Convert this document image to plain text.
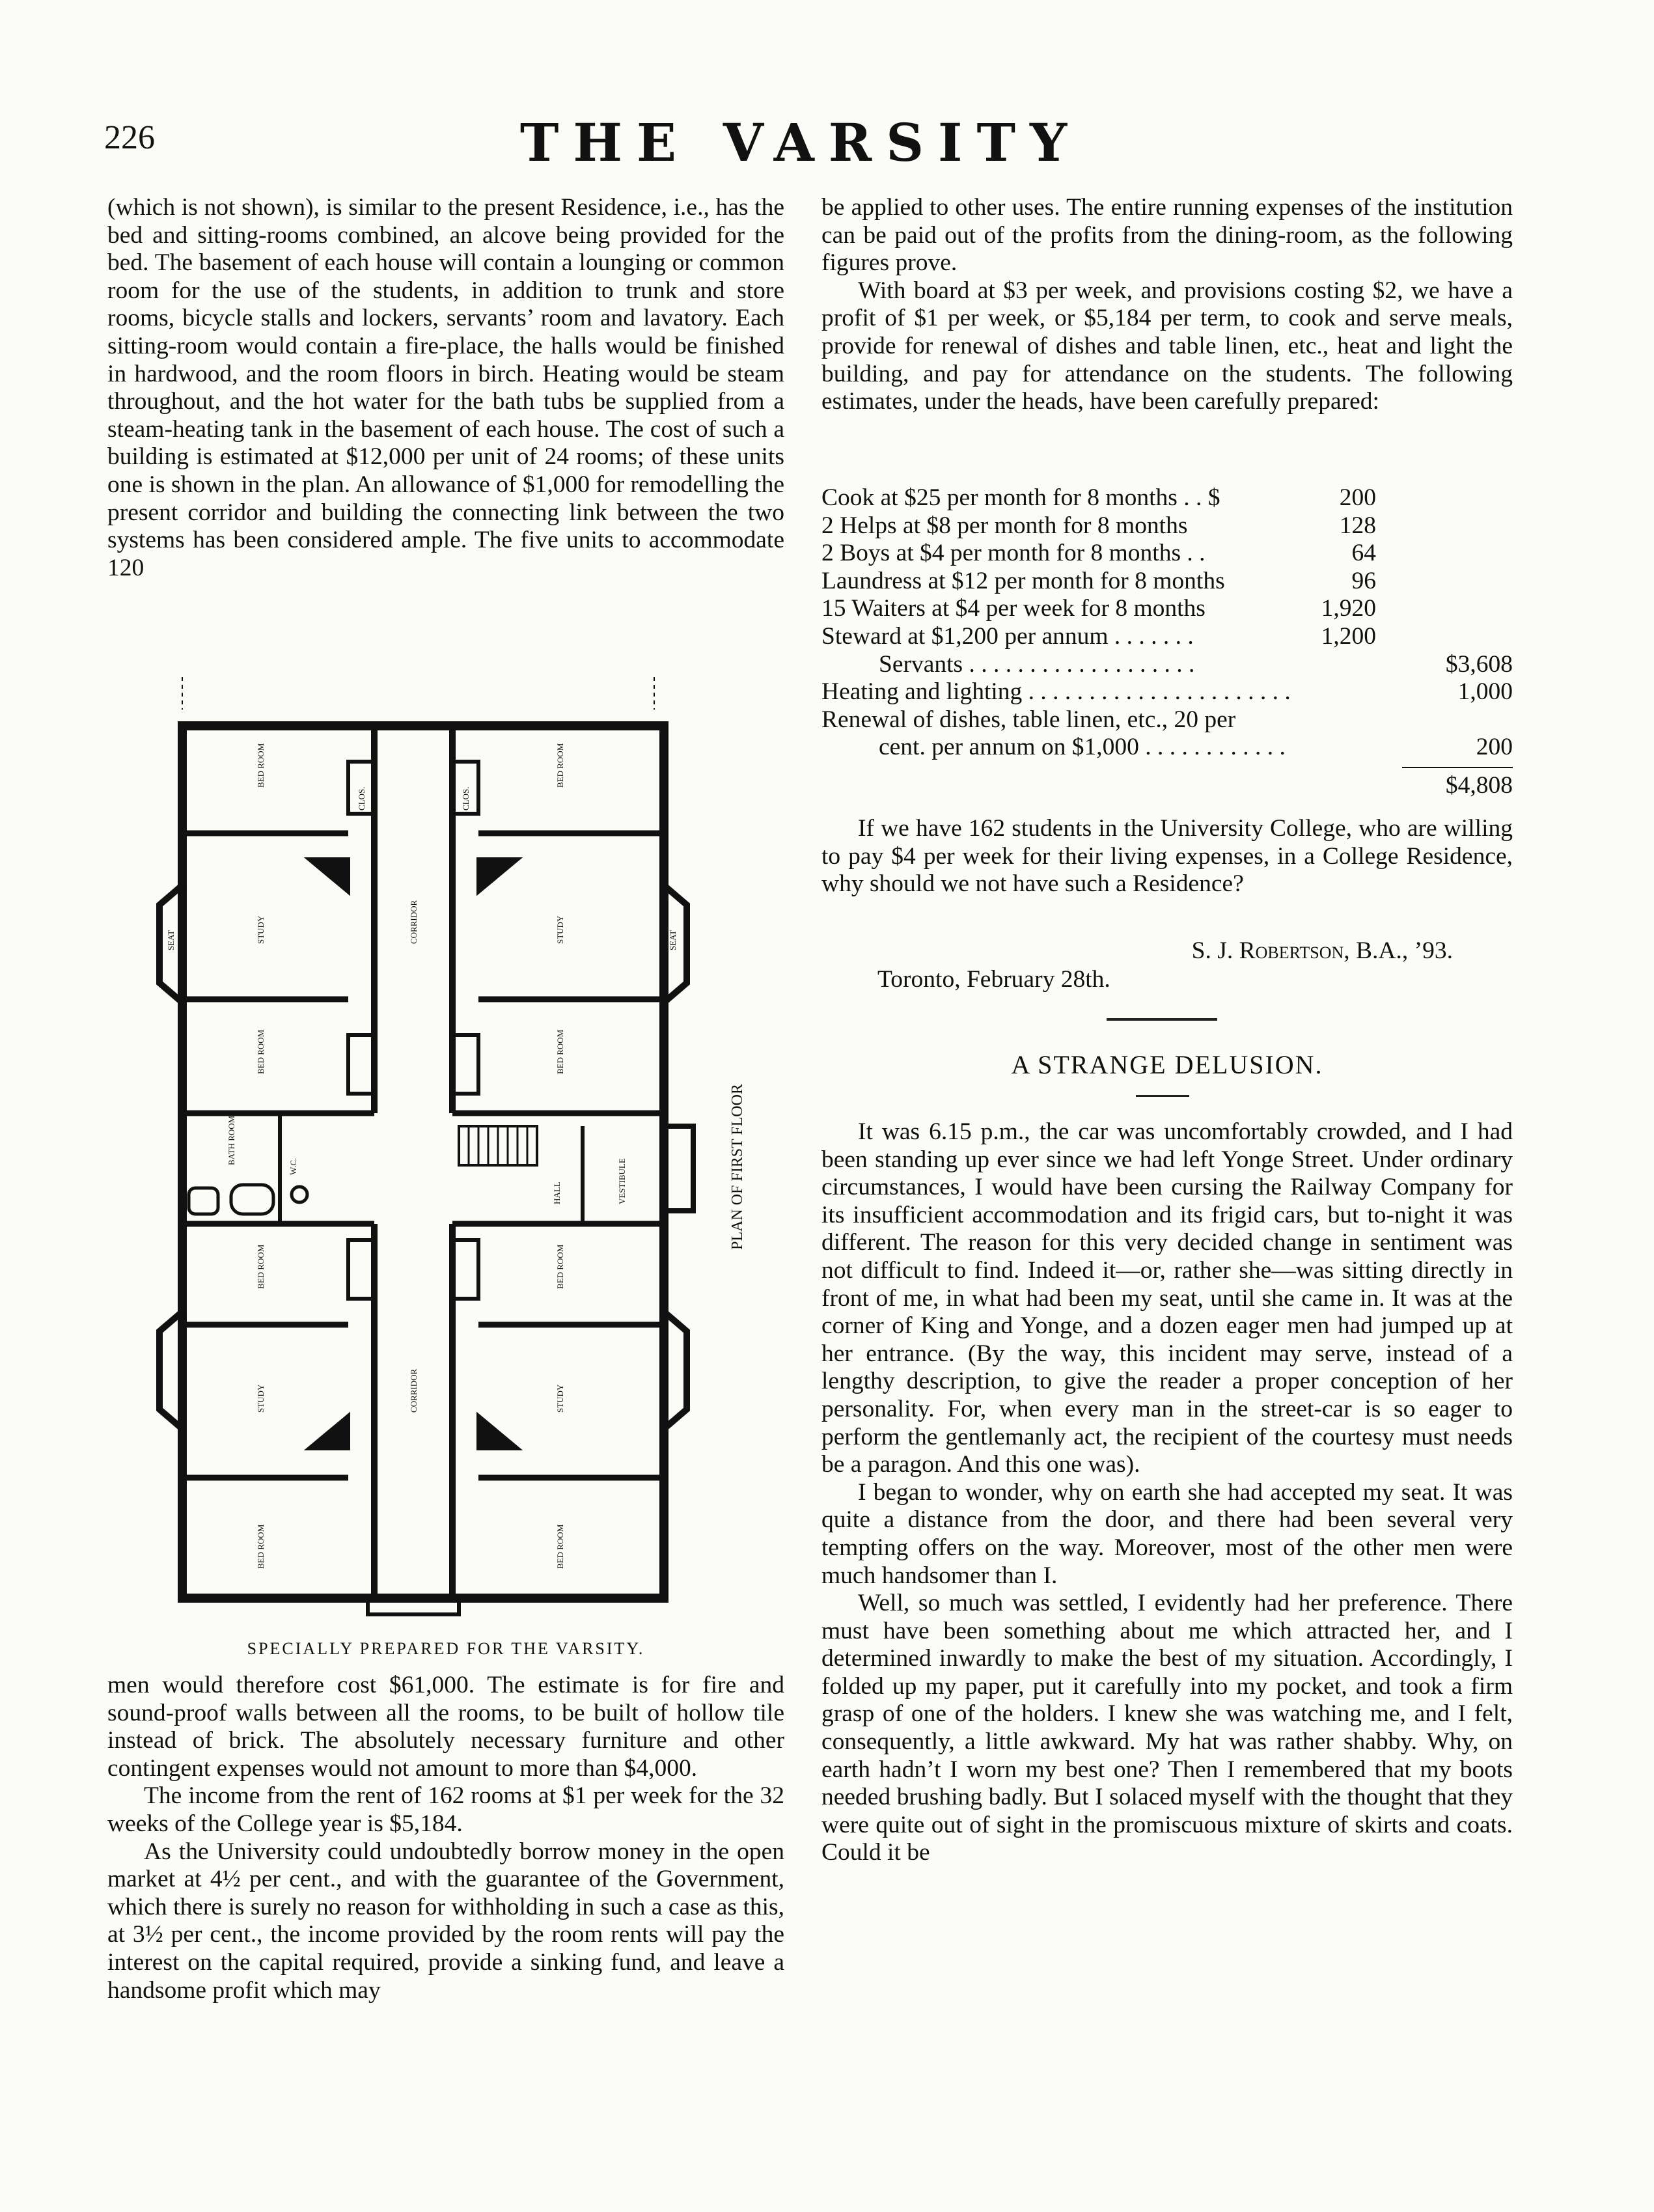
226	THE VARSITY

(which is not shown), is similar to the present Residence, i.e., has the bed and sitting-rooms combined, an alcove being provided for the bed. The basement of each house will contain a lounging or common room for the use of the students, in addition to trunk and store rooms, bicycle stalls and lockers, servants’ room and lavatory. Each sitting-room would contain a fire-place, the halls would be finished in hardwood, and the room floors in birch. Heating would be steam throughout, and the hot water for the bath tubs be supplied from a steam-heating tank in the basement of each house. The cost of such a building is estimated at $12,000 per unit of 24 rooms; of these units one is shown in the plan. An allowance of $1,000 for remodelling the present corridor and building the connecting link between the two systems has been considered ample. The five units to accommodate 120

BED ROOM	BED ROOM
STUDY	STUDY
CORRIDOR
BED ROOM	BED ROOM
BATH ROOM
W.C.
HALL	VESTIBULE
CLOS.	CLOS.
BED ROOM	BED ROOM
STUDY	STUDY
CORRIDOR
BED ROOM	BED ROOM
SEAT	SEAT
PLAN OF FIRST FLOOR
SPECIALLY PREPARED FOR THE VARSITY.

men would therefore cost $61,000. The estimate is for fire and sound-proof walls between all the rooms, to be built of hollow tile instead of brick. The absolutely necessary furniture and other contingent expenses would not amount to more than $4,000.

The income from the rent of 162 rooms at $1 per week for the 32 weeks of the College year is $5,184.

As the University could undoubtedly borrow money in the open market at 4½ per cent., and with the guarantee of the Government, which there is surely no reason for withholding in such a case as this, at 3½ per cent., the income provided by the room rents will pay the interest on the capital required, provide a sinking fund, and leave a handsome profit which may

be applied to other uses. The entire running expenses of the institution can be paid out of the profits from the dining-room, as the following figures prove.

With board at $3 per week, and provisions costing $2, we have a profit of $1 per week, or $5,184 per term, to cook and serve meals, provide for renewal of dishes and table linen, etc., heat and light the building, and pay for attendance on the students. The following estimates, under the heads, have been carefully prepared:

Cook at $25 per month for 8 months . . $	200
2 Helps at $8 per month for 8 months	128
2 Boys at $4 per month for 8 months . .	64
Laundress at $12 per month for 8 months	96
15 Waiters at $4 per week for 8 months	1,920
Steward at $1,200 per annum . . . . . . .	1,200
Servants . . . . . . . . . . . . . . . . . . .	$3,608
Heating and lighting . . . . . . . . . . . . . . . . . . . . . .	1,000
Renewal of dishes, table linen, etc., 20 per
cent. per annum on $1,000 . . . . . . . . . . . .	200
$4,808

If we have 162 students in the University College, who are willing to pay $4 per week for their living expenses, in a College Residence, why should we not have such a Residence?

S. J. Robertson, B.A., ’93.
Toronto, February 28th.
A STRANGE DELUSION.

It was 6.15 p.m., the car was uncomfortably crowded, and I had been standing up ever since we had left Yonge Street. Under ordinary circumstances, I would have been cursing the Railway Company for its insufficient accommodation and its frigid cars, but to-night it was different. The reason for this very decided change in sentiment was not difficult to find. Indeed it—or, rather she—was sitting directly in front of me, in what had been my seat, until she came in. It was at the corner of King and Yonge, and a dozen eager men had jumped up at her entrance. (By the way, this incident may serve, instead of a lengthy description, to give the reader a proper conception of her personality. For, when every man in the street-car is so eager to perform the gentlemanly act, the recipient of the courtesy must needs be a paragon. And this one was).

I began to wonder, why on earth she had accepted my seat. It was quite a distance from the door, and there had been several very tempting offers on the way. Moreover, most of the other men were much handsomer than I.

Well, so much was settled, I evidently had her preference. There must have been something about me which attracted her, and I determined inwardly to make the best of my situation. Accordingly, I folded up my paper, put it carefully into my pocket, and took a firm grasp of one of the holders. I knew she was watching me, and I felt, consequently, a little awkward. My hat was rather shabby. Why, on earth hadn’t I worn my best one? Then I remembered that my boots needed brushing badly. But I solaced myself with the thought that they were quite out of sight in the promiscuous mixture of skirts and coats. Could it be
